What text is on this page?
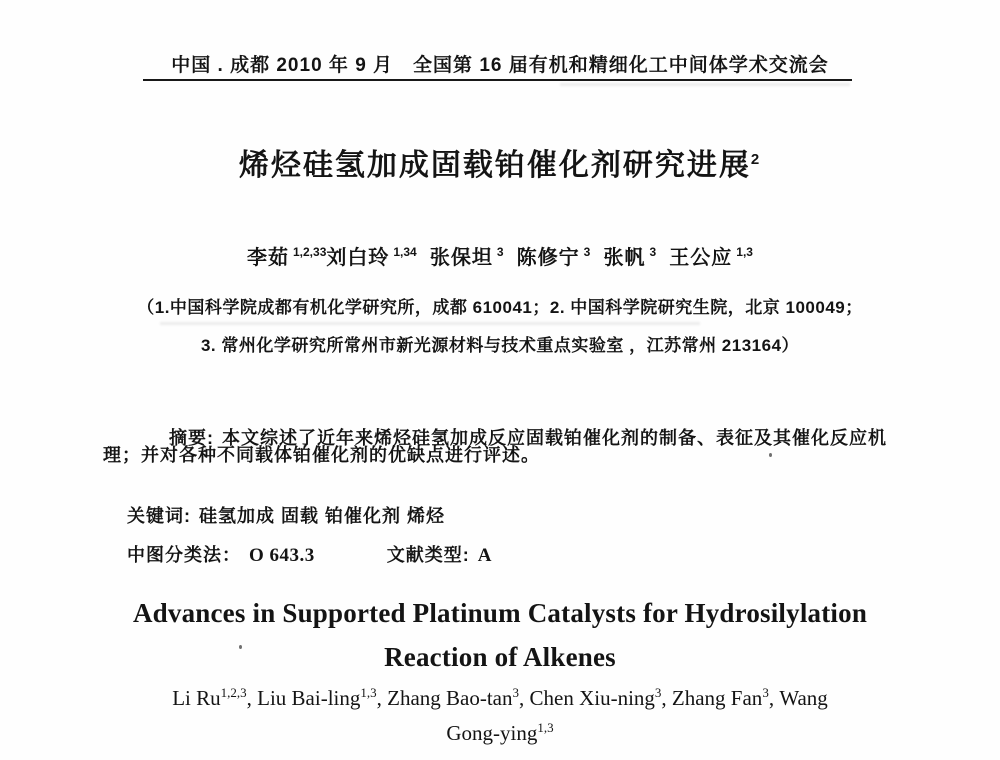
中国 . 成都 2010 年 9 月　全国第 16 届有机和精细化工中间体学术交流会
烯烃硅氢加成固载铂催化剂研究进展$^2$
李茹 $^{1,2,33}$刘白玲 $^{1,34}$ 张保坦 $^3$ 陈修宁 $^3$ 张帆 $^3$ 王公应 $^{1,3}$
（1.中国科学院成都有机化学研究所，成都 610041；2. 中国科学院研究生院，北京 100049；
3. 常州化学研究所常州市新光源材料与技术重点实验室 ，江苏常州 213164）

摘要: 本文综述了近年来烯烃硅氢加成反应固载铂催化剂的制备、表征及其催化反应机

理；并对各种不同载体铂催化剂的优缺点进行评述。

关键词: 硅氢加成 固载 铂催化剂 烯烃

中图分类法： O 643.3	文献类型: A

Advances in Supported Platinum Catalysts for Hydrosilylation
Reaction of Alkenes
Li Ru$^{1,2,3}$, Liu Bai-ling$^{1,3}$, Zhang Bao-$\tan^3$, Chen Xiu-ning$^3$, Zhang Fan$^3$, Wang
Gong-ying$^{1,3}$
